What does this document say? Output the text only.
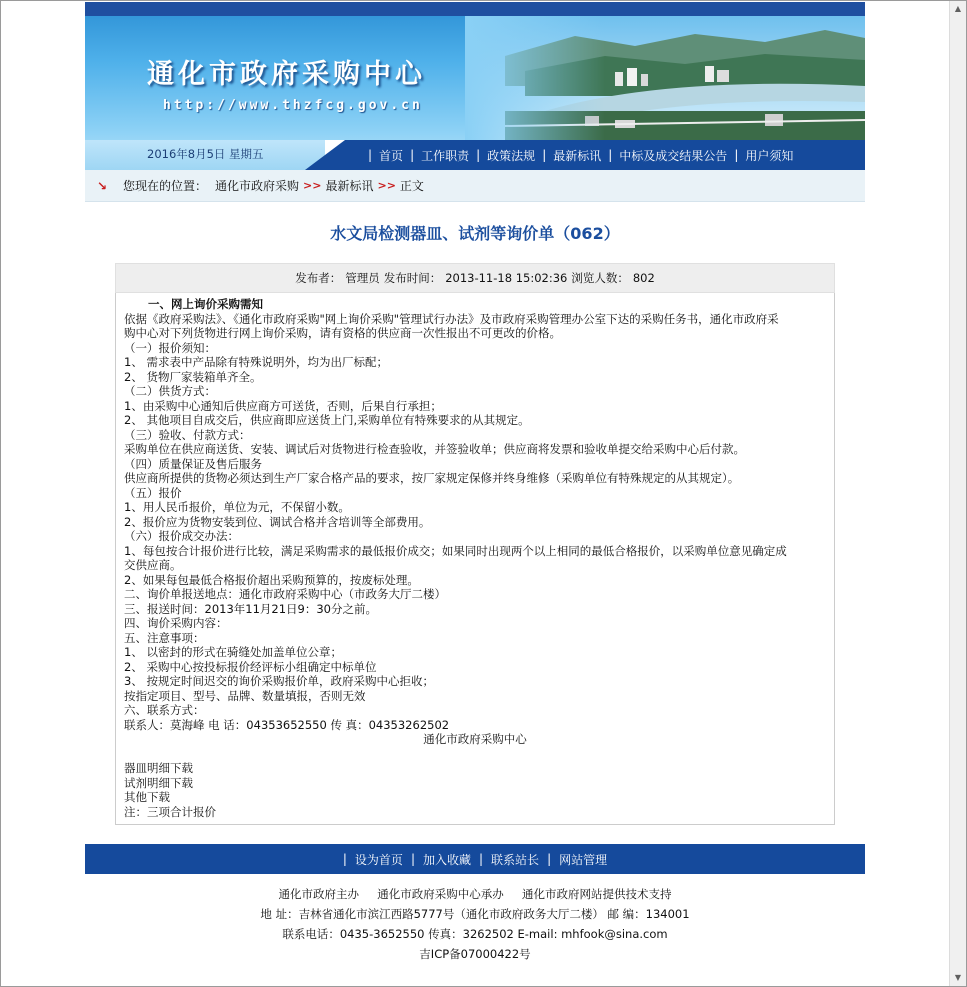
▲
▼
通化市政府采购中心
http://www.thzfcg.gov.cn
2016年8月5日 星期五	| 首页 | 工作职责 | 政策法规 | 最新标讯 | 中标及成交结果公告 | 用户须知
↘	您现在的位置： 通化市政府采购 >> 最新标讯 >> 正文
水文局检测器皿、试剂等询价单（062）
发布者： 管理员 发布时间： 2013-11-18 15:02:36 浏览人数： 802
一、网上询价采购需知
依据《政府采购法》、《通化市政府采购"网上询价采购"管理试行办法》及市政府采购管理办公室下达的采购任务书，通化市政府采
购中心对下列货物进行网上询价采购，请有资格的供应商一次性报出不可更改的价格。
（一）报价须知：
1、 需求表中产品除有特殊说明外，均为出厂标配；
2、 货物厂家装箱单齐全。
（二）供货方式：
1、由采购中心通知后供应商方可送货，否则，后果自行承担；
2、 其他项目自成交后，供应商即应送货上门,采购单位有特殊要求的从其规定。
（三）验收、付款方式：
采购单位在供应商送货、安装、调试后对货物进行检查验收，并签验收单；供应商将发票和验收单提交给采购中心后付款。
（四）质量保证及售后服务
供应商所提供的货物必须达到生产厂家合格产品的要求，按厂家规定保修并终身维修（采购单位有特殊规定的从其规定）。
（五）报价
1、用人民币报价，单位为元，不保留小数。
2、报价应为货物安装到位、调试合格并含培训等全部费用。
（六）报价成交办法：
1、每包按合计报价进行比较，满足采购需求的最低报价成交；如果同时出现两个以上相同的最低合格报价，以采购单位意见确定成
交供应商。
2、如果每包最低合格报价超出采购预算的，按废标处理。
二、询价单报送地点：通化市政府采购中心（市政务大厅二楼）
三、报送时间：2013年11月21日9：30分之前。
四、询价采购内容：
五、注意事项：
1、 以密封的形式在骑缝处加盖单位公章；
2、 采购中心按投标报价经评标小组确定中标单位
3、 按规定时间迟交的询价采购报价单，政府采购中心拒收；
按指定项目、型号、品牌、数量填报，否则无效
六、联系方式：
联系人：莫海峰 电 话：04353652550 传 真：04353262502
通化市政府采购中心
器皿明细下载
试剂明细下载
其他下载
注：三项合计报价
| 设为首页 | 加入收藏 | 联系站长 | 网站管理
通化市政府主办     通化市政府采购中心承办     通化市政府网站提供技术支持
地 址：吉林省通化市滨江西路5777号（通化市政府政务大厅二楼） 邮 编：134001
联系电话：0435-3652550 传真：3262502 E-mail: mhfook@sina.com
吉ICP备07000422号
